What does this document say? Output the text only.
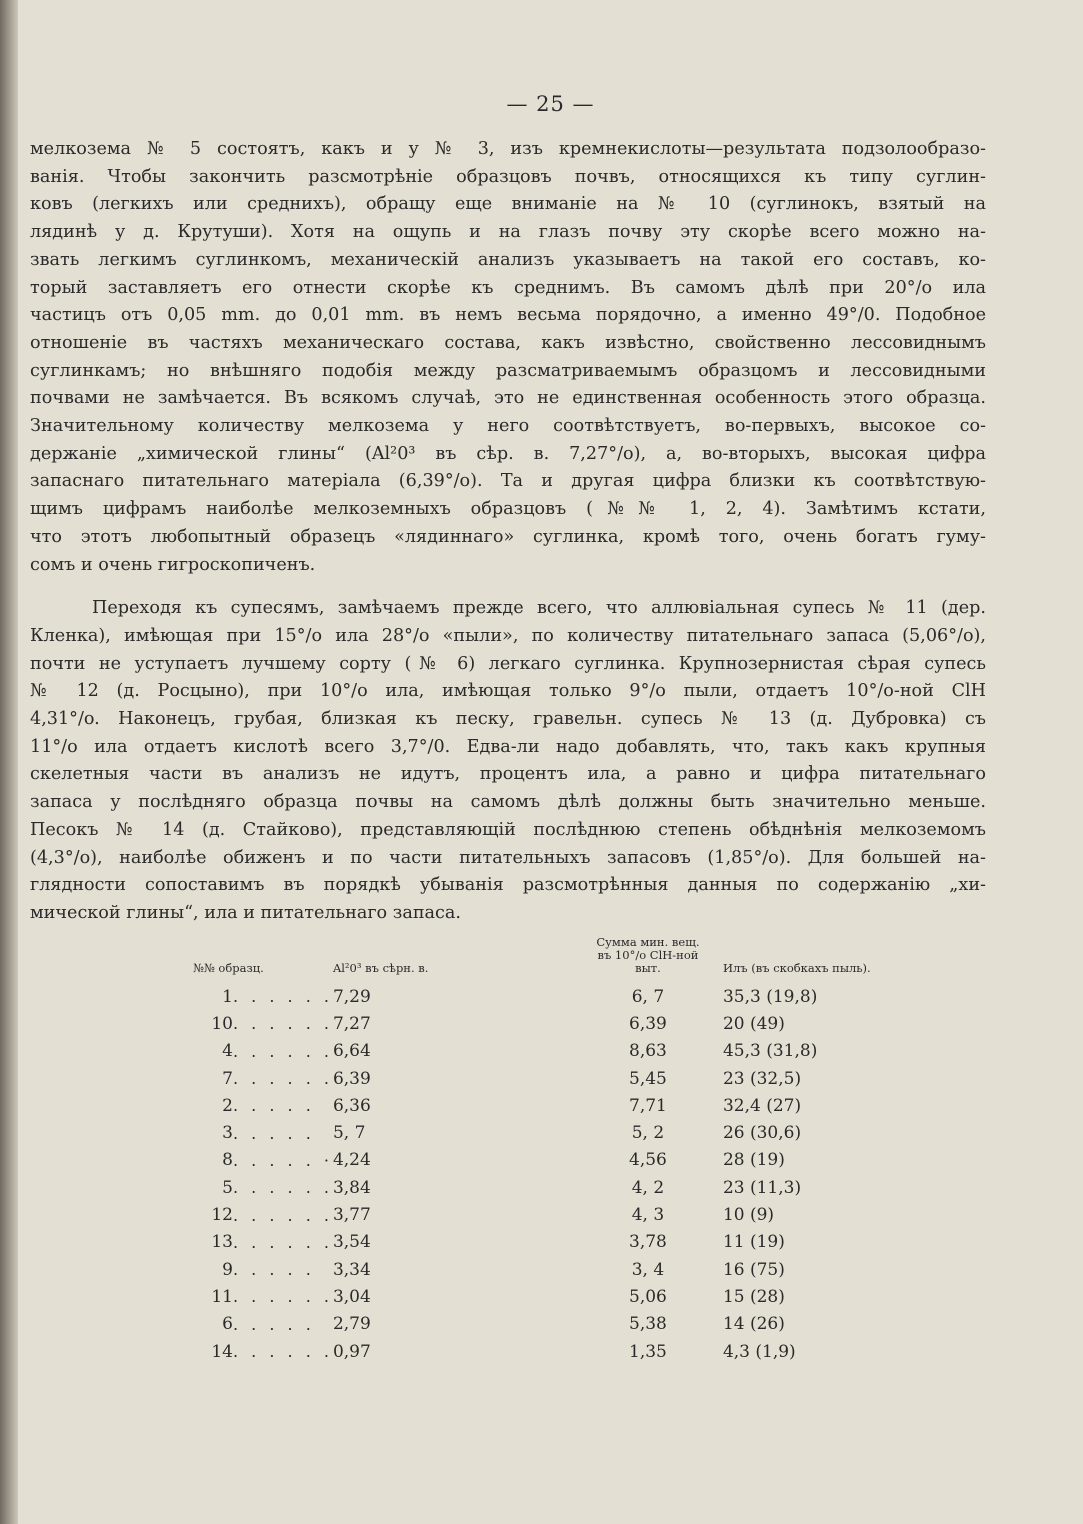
— 25 —

мелкозема № 5 состоятъ, какъ и у № 3, изъ кремнекислоты—результата подзолообразо-
ванія. Чтобы закончить разсмотрѣніе образцовъ почвъ, относящихся къ типу суглин-
ковъ (легкихъ или среднихъ), обращу еще вниманіе на № 10 (суглинокъ, взятый на
лядинѣ у д. Крутуши). Хотя на ощупь и на глазъ почву эту скорѣе всего можно на-
звать легкимъ суглинкомъ, механическій анализъ указываетъ на такой его составъ, ко-
торый заставляетъ его отнести скорѣе къ среднимъ. Въ самомъ дѣлѣ при 20°/o ила
частицъ отъ 0,05 mm. до 0,01 mm. въ немъ весьма порядочно, а именно 49°/0. Подобное
отношеніе въ частяхъ механическаго состава, какъ извѣстно, свойственно лессовиднымъ
суглинкамъ; но внѣшняго подобія между разсматриваемымъ образцомъ и лессовидными
почвами не замѣчается. Въ всякомъ случаѣ, это не единственная особенность этого образца.
Значительному количеству мелкозема у него соотвѣтствуетъ, во-первыхъ, высокое со-
держаніе „химической глины“ (Al²0³ въ сѣр. в. 7,27°/o), а, во-вторыхъ, высокая цифра
запаснаго питательнаго матеріала (6,39°/o). Та и другая цифра близки къ соотвѣтствую-
щимъ цифрамъ наиболѣе мелкоземныхъ образцовъ (№№ 1, 2, 4). Замѣтимъ кстати,
что этотъ любопытный образецъ «лядиннаго» суглинка, кромѣ того, очень богатъ гуму-
сомъ и очень гигроскопиченъ.

Переходя къ супесямъ, замѣчаемъ прежде всего, что аллювіальная супесь № 11 (дер.
Кленка), имѣющая при 15°/o ила 28°/o «пыли», по количеству питательнаго запаса (5,06°/o),
почти не уступаетъ лучшему сорту (№ 6) легкаго суглинка. Крупнозернистая сѣрая супесь
№ 12 (д. Росцыно), при 10°/o ила, имѣющая только 9°/o пыли, отдаетъ 10°/o-ной ClH
4,31°/o. Наконецъ, грубая, близкая къ песку, гравельн. супесь № 13 (д. Дубровка) съ
11°/o ила отдаетъ кислотѣ всего 3,7°/0. Едва-ли надо добавлять, что, такъ какъ крупныя
скелетныя части въ анализъ не идутъ, процентъ ила, а равно и цифра питательнаго
запаса у послѣдняго образца почвы на самомъ дѣлѣ должны быть значительно меньше.
Песокъ № 14 (д. Стайково), представляющій послѣднюю степень обѣднѣнія мелкоземомъ
(4,3°/o), наиболѣе обиженъ и по части питательныхъ запасовъ (1,85°/o). Для большей на-
глядности сопоставимъ въ порядкѣ убыванія разсмотрѣнныя данныя по содержанію „хи-
мической глины“, ила и питательнаго запаса.

№№ образц.		Al²0³ въ сѣрн. в.	Сумма мин. вещ.
въ 10°/o ClH-ной
выт.	Илъ (въ скобкахъ пыль).
1	. . . . . .	7,29	6, 7	35,3 (19,8)
10	. . . . . .	7,27	6,39	20 (49)
4	. . . . . .	6,64	8,63	45,3 (31,8)
7	. . . . . .	6,39	5,45	23 (32,5)
2	. . . . .	6,36	7,71	32,4 (27)
3	. . . . .	5, 7	5, 2	26 (30,6)
8	. . . . . ·	4,24	4,56	28 (19)
5	. . . . . .	3,84	4, 2	23 (11,3)
12	. . . . . .	3,77	4, 3	10 (9)
13	. . . . . .	3,54	3,78	11 (19)
9	. . . . .	3,34	3, 4	16 (75)
11	. . . . . .	3,04	5,06	15 (28)
6	. . . . .	2,79	5,38	14 (26)
14	. . . . . .	0,97	1,35	4,3 (1,9)
